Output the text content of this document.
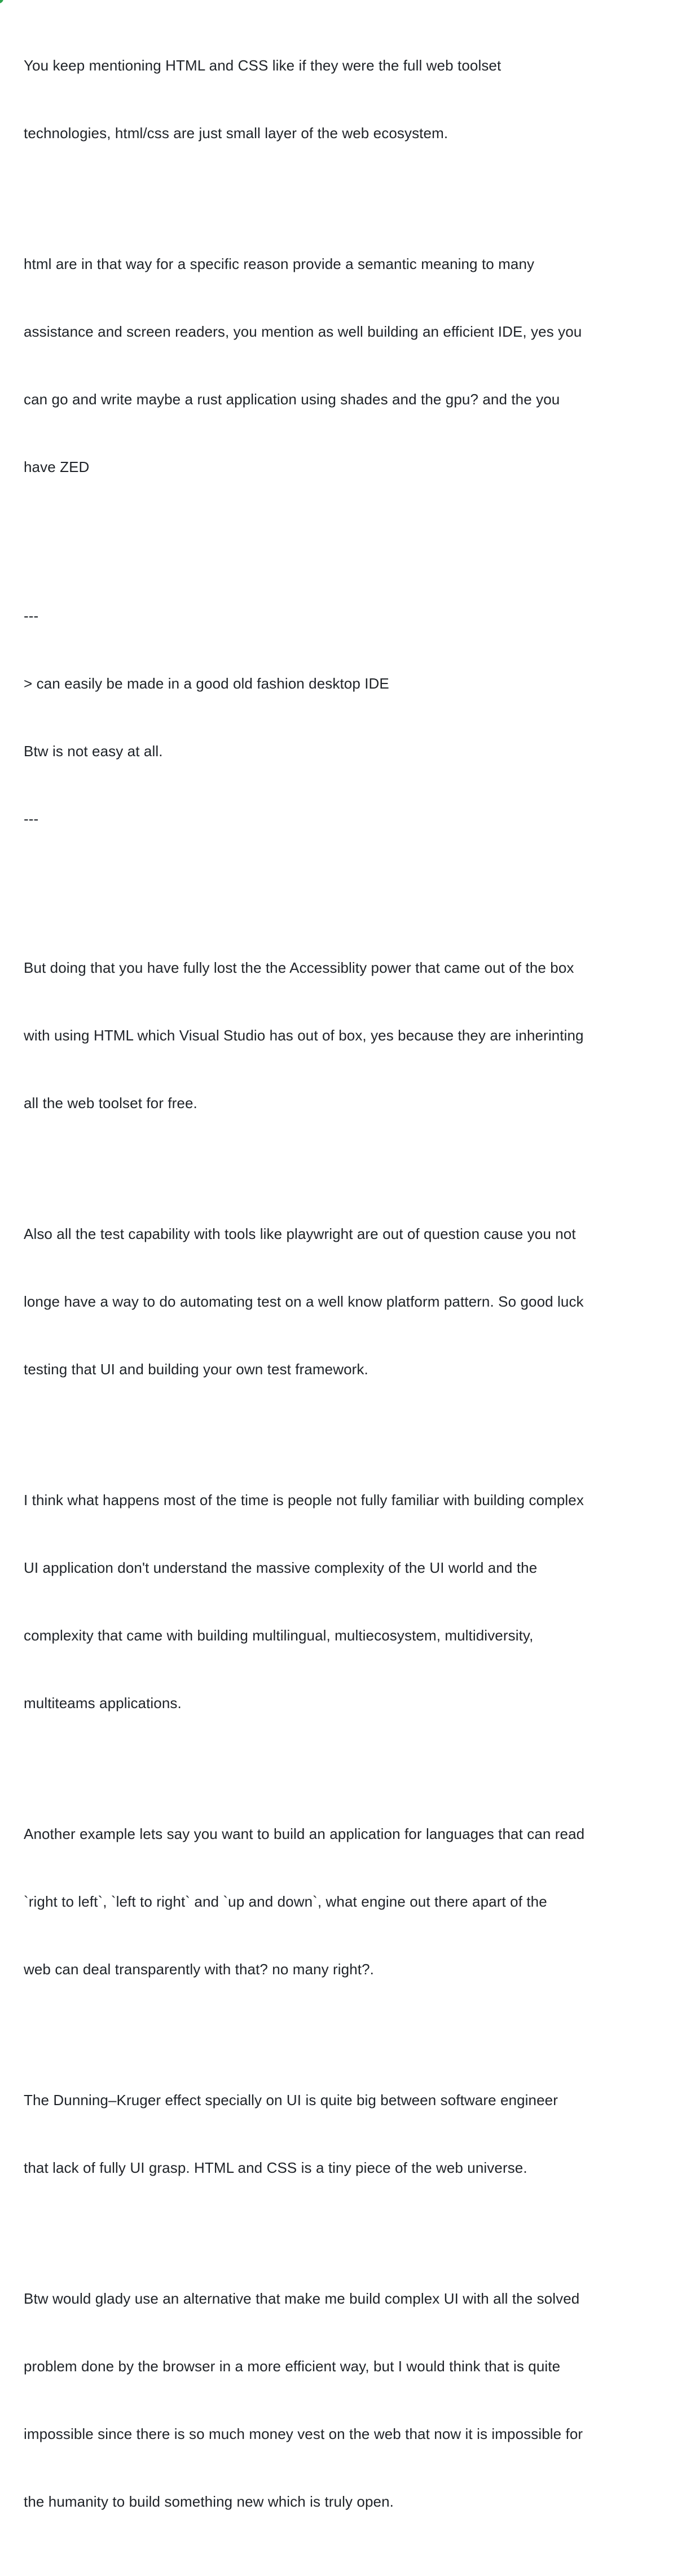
You keep mentioning HTML and CSS like if they were the full web toolset

technologies, html/css are just small layer of the web ecosystem.

html are in that way for a specific reason provide a semantic meaning to many

assistance and screen readers, you mention as well building an efficient IDE, yes you

can go and write maybe a rust application using shades and the gpu? and the you

have ZED

---

> can easily be made in a good old fashion desktop IDE

Btw is not easy at all.

---

But doing that you have fully lost the the Accessiblity power that came out of the box

with using HTML which Visual Studio has out of box, yes because they are inherinting

all the web toolset for free.

Also all the test capability with tools like playwright are out of question cause you not

longe have a way to do automating test on a well know platform pattern. So good luck

testing that UI and building your own test framework.

I think what happens most of the time is people not fully familiar with building complex

UI application don't understand the massive complexity of the UI world and the

complexity that came with building multilingual, multiecosystem, multidiversity,

multiteams applications.

Another example lets say you want to build an application for languages that can read

`right to left`, `left to right` and `up and down`, what engine out there apart of the

web can deal transparently with that? no many right?.

The Dunning–Kruger effect specially on UI is quite big between software engineer

that lack of fully UI grasp. HTML and CSS is a tiny piece of the web universe.

Btw would glady use an alternative that make me build complex UI with all the solved

problem done by the browser in a more efficient way, but I would think that is quite

impossible since there is so much money vest on the web that now it is impossible for

the humanity to build something new which is truly open.
